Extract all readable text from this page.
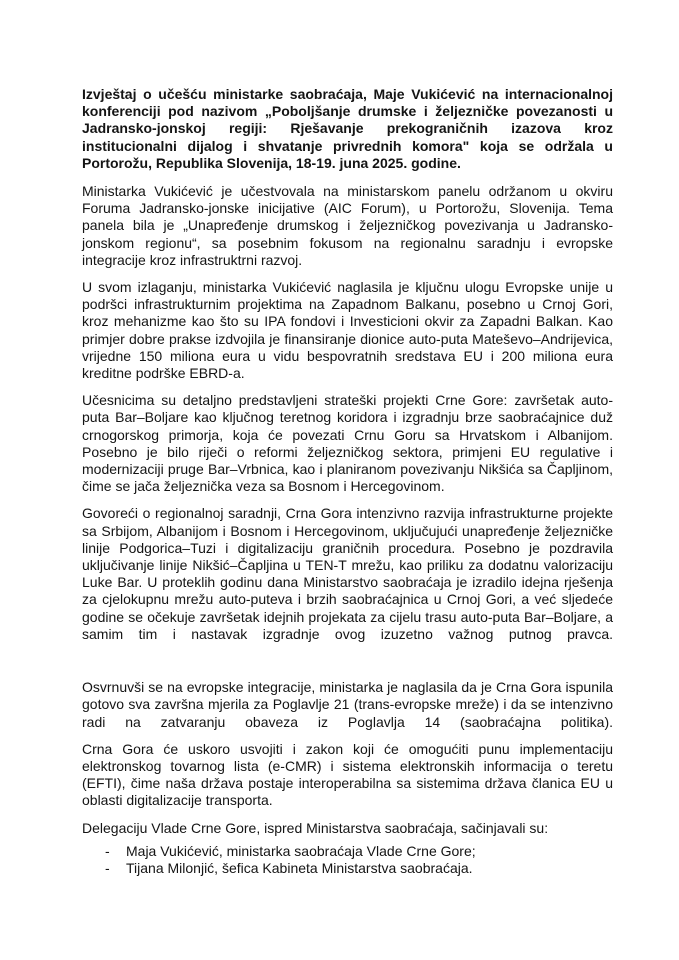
Izvještaj o učešću ministarke saobraćaja, Maje Vukićević na internacionalnoj konferenciji pod nazivom „Poboljšanje drumske i željezničke povezanosti u Jadransko-jonskoj regiji: Rješavanje prekograničnih izazova kroz institucionalni dijalog i shvatanje privrednih komora" koja se održala u Portorožu, Republika Slovenija, 18-19. juna 2025. godine.

Ministarka Vukićević je učestvovala na ministarskom panelu održanom u okviru Foruma Jadransko-jonske inicijative (AIC Forum), u Portorožu, Slovenija. Tema panela bila je „Unapređenje drumskog i željezničkog povezivanja u Jadransko-jonskom regionu“, sa posebnim fokusom na regionalnu saradnju i evropske integracije kroz infrastruktrni razvoj.

U svom izlaganju, ministarka Vukićević naglasila je ključnu ulogu Evropske unije u podršci infrastrukturnim projektima na Zapadnom Balkanu, posebno u Crnoj Gori, kroz mehanizme kao što su IPA fondovi i Investicioni okvir za Zapadni Balkan. Kao primjer dobre prakse izdvojila je finansiranje dionice auto-puta Mateševo–Andrijevica, vrijedne 150 miliona eura u vidu bespovratnih sredstava EU i 200 miliona eura kreditne podrške EBRD-a.

Učesnicima su detaljno predstavljeni strateški projekti Crne Gore: završetak auto-puta Bar–Boljare kao ključnog teretnog koridora i izgradnju brze saobraćajnice duž crnogorskog primorja, koja će povezati Crnu Goru sa Hrvatskom i Albanijom. Posebno je bilo riječi o reformi željezničkog sektora, primjeni EU regulative i modernizaciji pruge Bar–Vrbnica, kao i planiranom povezivanju Nikšića sa Čapljinom, čime se jača željeznička veza sa Bosnom i Hercegovinom.

Govoreći o regionalnoj saradnji, Crna Gora intenzivno razvija infrastrukturne projekte sa Srbijom, Albanijom i Bosnom i Hercegovinom, uključujući unapređenje željezničke linije Podgorica–Tuzi i digitalizaciju graničnih procedura. Posebno je pozdravila uključivanje linije Nikšić–Čapljina u TEN-T mrežu, kao priliku za dodatnu valorizaciju Luke Bar. U proteklih godinu dana Ministarstvo saobraćaja je izradilo idejna rješenja za cjelokupnu mrežu auto-puteva i brzih saobraćajnica u Crnoj Gori, a već sljedeće godine se očekuje završetak idejnih projekata za cijelu trasu auto-puta Bar–Boljare, a samim tim i nastavak izgradnje ovog izuzetno važnog putnog pravca.

Osvrnuvši se na evropske integracije, ministarka je naglasila da je Crna Gora ispunila gotovo sva završna mjerila za Poglavlje 21 (trans-evropske mreže) i da se intenzivno radi na zatvaranju obaveza iz Poglavlja 14 (saobraćajna politika).

Crna Gora će uskoro usvojiti i zakon koji će omogućiti punu implementaciju elektronskog tovarnog lista (e-CMR) i sistema elektronskih informacija o teretu (EFTI), čime naša država postaje interoperabilna sa sistemima država članica EU u oblasti digitalizacije transporta.

Delegaciju Vlade Crne Gore, ispred Ministarstva saobraćaja, sačinjavali su:

-	Maja Vukićević, ministarka saobraćaja Vlade Crne Gore;
-	Tijana Milonjić, šefica Kabineta Ministarstva saobraćaja.
